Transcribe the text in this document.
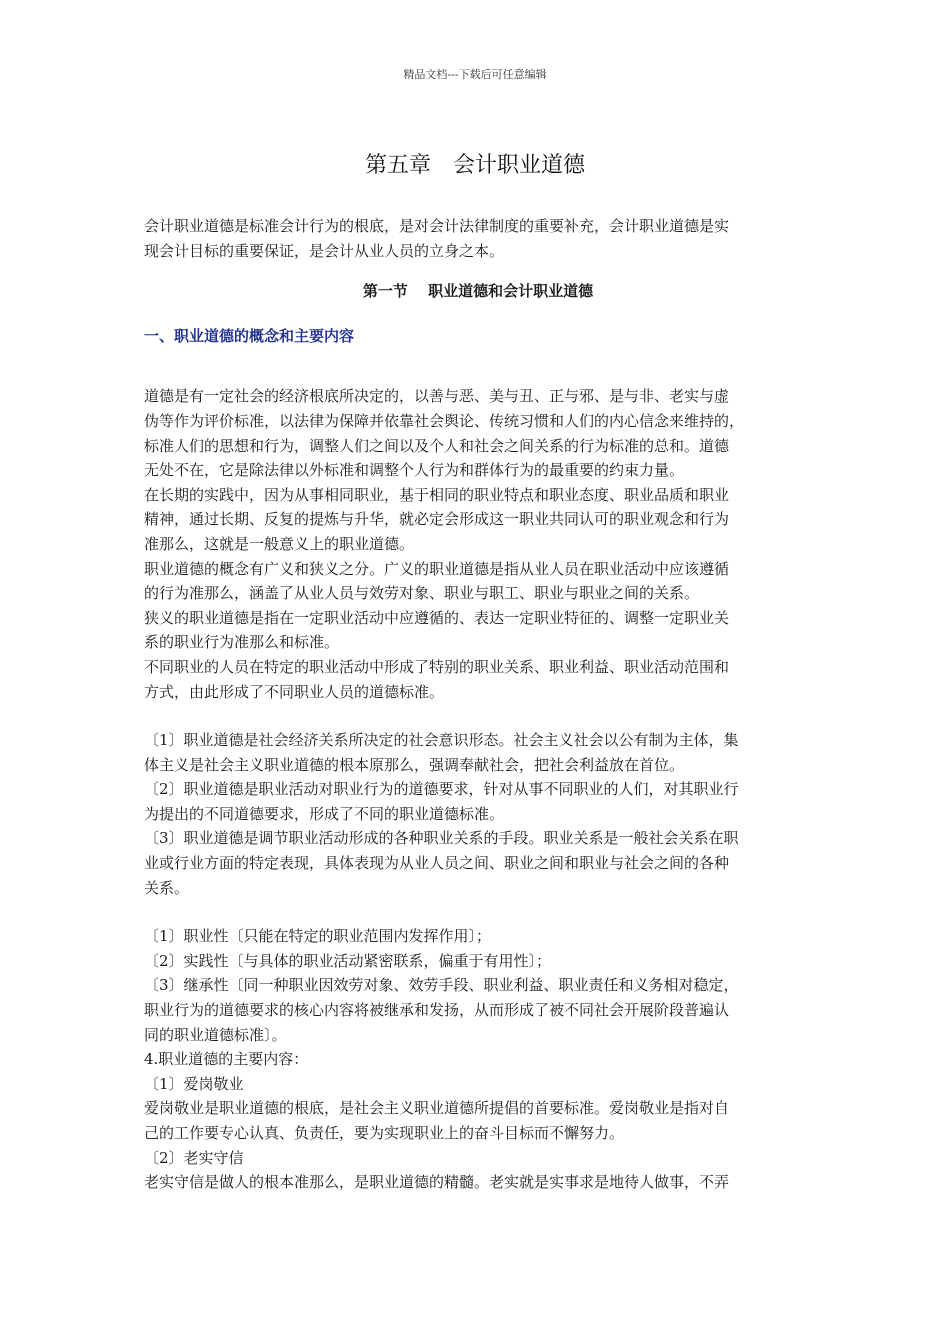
精品文档---下载后可任意编辑
第五章　会计职业道德

会计职业道德是标准会计行为的根底，是对会计法律制度的重要补充，会计职业道德是实

现会计目标的重要保证，是会计从业人员的立身之本。

第一节　 职业道德和会计职业道德

一、职业道德的概念和主要内容

道德是有一定社会的经济根底所决定的，以善与恶、美与丑、正与邪、是与非、老实与虚

伪等作为评价标准，以法律为保障并依靠社会舆论、传统习惯和人们的内心信念来维持的，

标准人们的思想和行为，调整人们之间以及个人和社会之间关系的行为标准的总和。道德

无处不在，它是除法律以外标准和调整个人行为和群体行为的最重要的约束力量。

在长期的实践中，因为从事相同职业，基于相同的职业特点和职业态度、职业品质和职业

精神，通过长期、反复的提炼与升华，就必定会形成这一职业共同认可的职业观念和行为

准那么，这就是一般意义上的职业道德。

职业道德的概念有广义和狭义之分。广义的职业道德是指从业人员在职业活动中应该遵循

的行为准那么，涵盖了从业人员与效劳对象、职业与职工、职业与职业之间的关系。

狭义的职业道德是指在一定职业活动中应遵循的、表达一定职业特征的、调整一定职业关

系的职业行为准那么和标准。

不同职业的人员在特定的职业活动中形成了特别的职业关系、职业利益、职业活动范围和

方式，由此形成了不同职业人员的道德标准。

〔1〕职业道德是社会经济关系所决定的社会意识形态。社会主义社会以公有制为主体，集

体主义是社会主义职业道德的根本原那么，强调奉献社会，把社会利益放在首位。

〔2〕职业道德是职业活动对职业行为的道德要求，针对从事不同职业的人们，对其职业行

为提出的不同道德要求，形成了不同的职业道德标准。

〔3〕职业道德是调节职业活动形成的各种职业关系的手段。职业关系是一般社会关系在职

业或行业方面的特定表现，具体表现为从业人员之间、职业之间和职业与社会之间的各种

关系。

〔1〕职业性〔只能在特定的职业范围内发挥作用〕；

〔2〕实践性〔与具体的职业活动紧密联系，偏重于有用性〕；

〔3〕继承性〔同一种职业因效劳对象、效劳手段、职业利益、职业责任和义务相对稳定，

职业行为的道德要求的核心内容将被继承和发扬，从而形成了被不同社会开展阶段普遍认

同的职业道德标准〕。

4.职业道德的主要内容：

〔1〕爱岗敬业

爱岗敬业是职业道德的根底，是社会主义职业道德所提倡的首要标准。爱岗敬业是指对自

己的工作要专心认真、负责任，要为实现职业上的奋斗目标而不懈努力。

〔2〕老实守信

老实守信是做人的根本准那么，是职业道德的精髓。老实就是实事求是地待人做事，不弄
